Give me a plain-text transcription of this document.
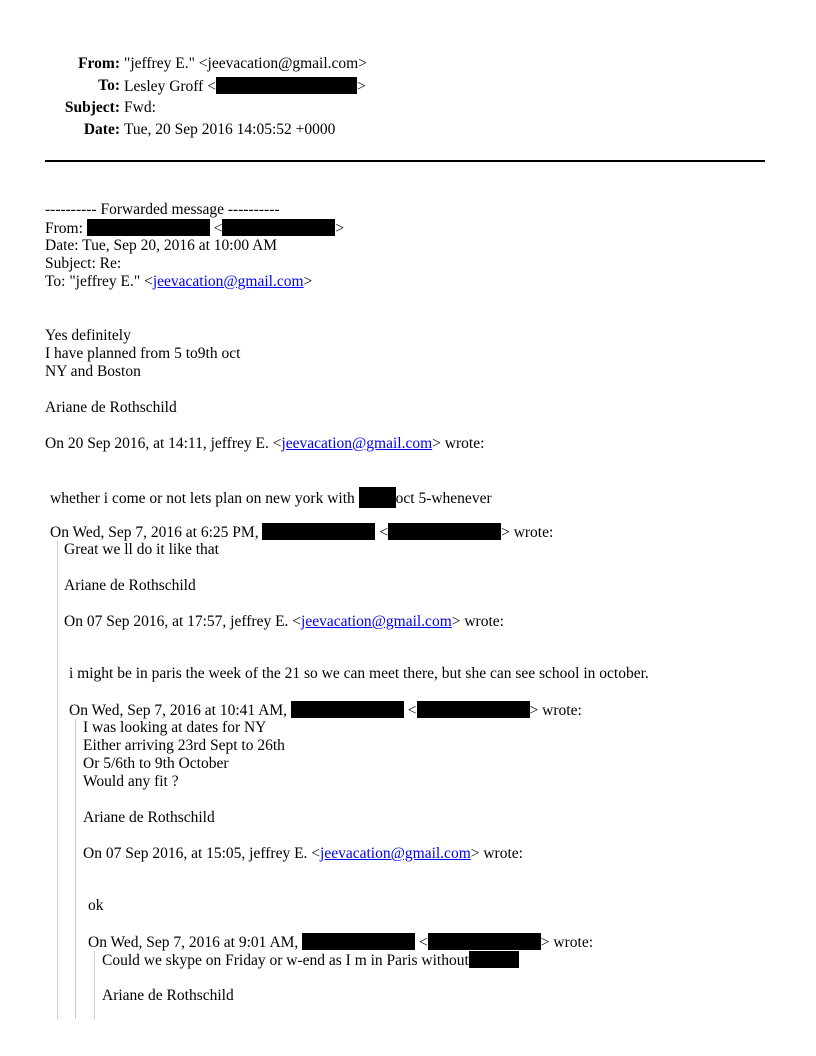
From: "jeffrey E." <jeevacation@gmail.com>
To: Lesley Groff <	>
Subject: Fwd:
Date: Tue, 20 Sep 2016 14:05:52 +0000
---------- Forwarded message ----------
From:	<	>
Date: Tue, Sep 20, 2016 at 10:00 AM
Subject: Re:
To: "jeffrey E." <jeevacation@gmail.com>
Yes definitely
I have planned from 5 to9th oct
NY and Boston
Ariane de Rothschild
On 20 Sep 2016, at 14:11, jeffrey E. <jeevacation@gmail.com> wrote:
whether i come or not lets plan on new york with oct 5-whenever
On Wed, Sep 7, 2016 at 6:25 PM,	<	> wrote:
Great we ll do it like that
Ariane de Rothschild
On 07 Sep 2016, at 17:57, jeffrey E. <jeevacation@gmail.com> wrote:
i might be in paris the week of the 21 so we can meet there, but she can see school in october.
On Wed, Sep 7, 2016 at 10:41 AM,	<	> wrote:
I was looking at dates for NY
Either arriving 23rd Sept to 26th
Or 5/6th to 9th October
Would any fit ?
Ariane de Rothschild
On 07 Sep 2016, at 15:05, jeffrey E. <jeevacation@gmail.com> wrote:
ok
On Wed, Sep 7, 2016 at 9:01 AM,	<	> wrote:
Could we skype on Friday or w-end as I m in Paris without
Ariane de Rothschild
